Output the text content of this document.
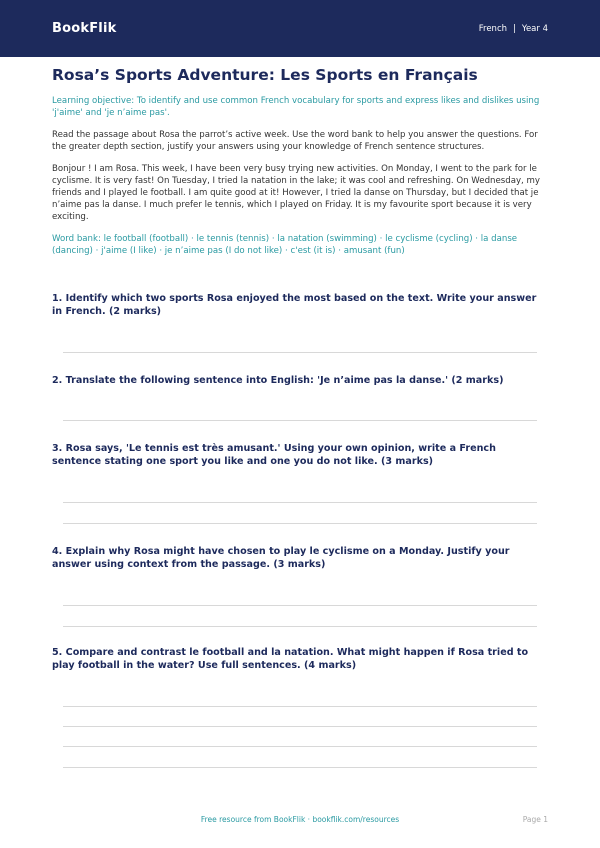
BookFlik	French | Year 4
Rosa’s Sports Adventure: Les Sports en Français
Learning objective: To identify and use common French vocabulary for sports and express likes and dislikes using 'j'aime' and 'je n’aime pas'.
Read the passage about Rosa the parrot’s active week. Use the word bank to help you answer the questions. For the greater depth section, justify your answers using your knowledge of French sentence structures.
Bonjour ! I am Rosa. This week, I have been very busy trying new activities. On Monday, I went to the park for le cyclisme. It is very fast! On Tuesday, I tried la natation in the lake; it was cool and refreshing. On Wednesday, my friends and I played le football. I am quite good at it! However, I tried la danse on Thursday, but I decided that je n’aime pas la danse. I much prefer le tennis, which I played on Friday. It is my favourite sport because it is very exciting.
Word bank: le football (football) · le tennis (tennis) · la natation (swimming) · le cyclisme (cycling) · la danse (dancing) · j'aime (I like) · je n’aime pas (I do not like) · c'est (it is) · amusant (fun)
1. Identify which two sports Rosa enjoyed the most based on the text. Write your answer in French. (2 marks)
2. Translate the following sentence into English: 'Je n’aime pas la danse.' (2 marks)
3. Rosa says, 'Le tennis est très amusant.' Using your own opinion, write a French sentence stating one sport you like and one you do not like. (3 marks)
4. Explain why Rosa might have chosen to play le cyclisme on a Monday. Justify your answer using context from the passage. (3 marks)
5. Compare and contrast le football and la natation. What might happen if Rosa tried to play football in the water? Use full sentences. (4 marks)
Free resource from BookFlik · bookflik.com/resources	Page 1
